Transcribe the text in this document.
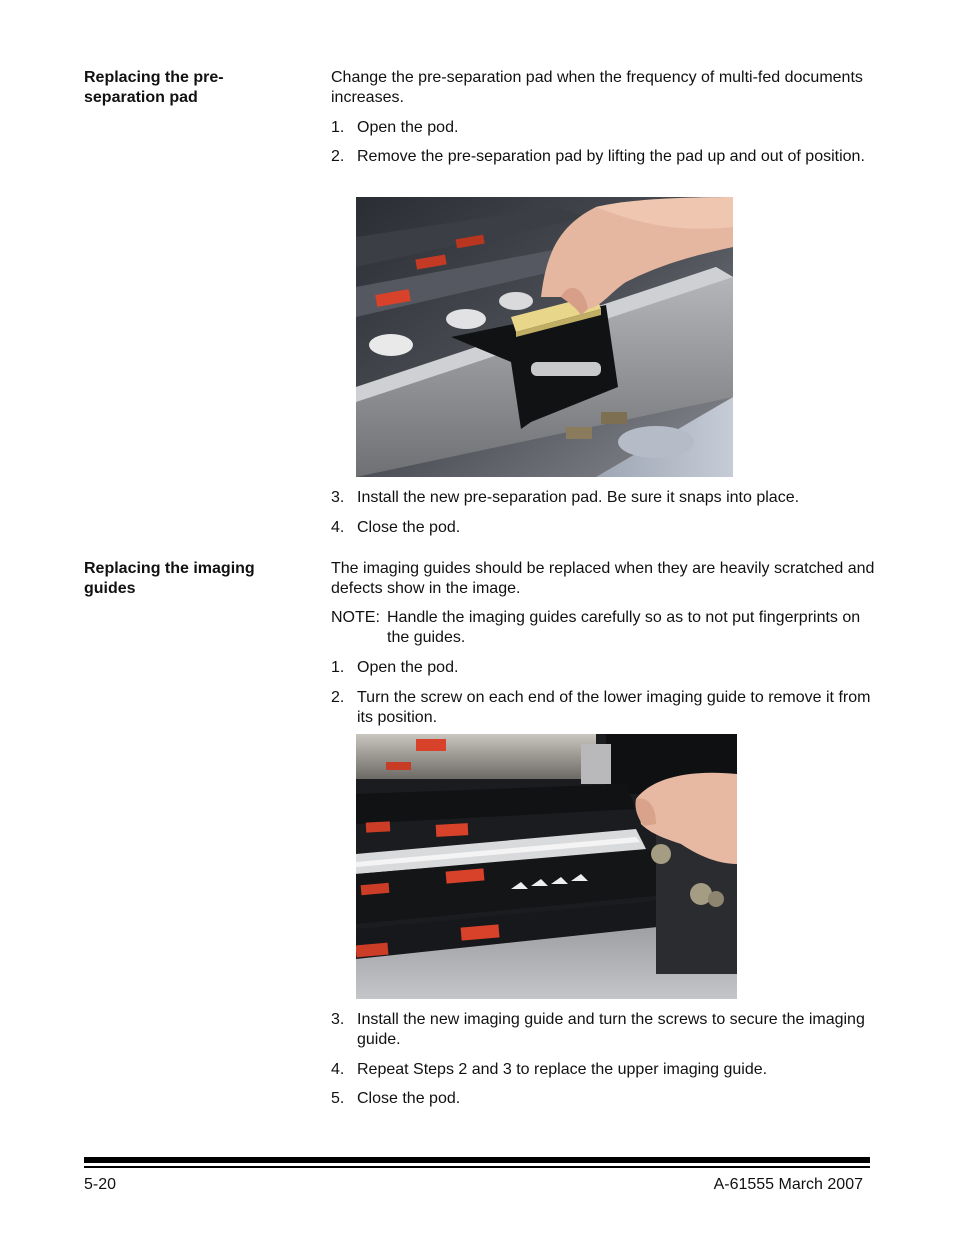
Replacing the pre-
separation pad

Change the pre-separation pad when the frequency of multi-fed documents increases.

1. Open the pod.
2. Remove the pre-separation pad by lifting the pad up and out of position.
3. Install the new pre-separation pad. Be sure it snaps into place.
4. Close the pod.
Replacing the imaging
guides

The imaging guides should be replaced when they are heavily scratched and defects show in the image.

NOTE: Handle the imaging guides carefully so as to not put fingerprints on the guides.
1. Open the pod.
2. Turn the screw on each end of the lower imaging guide to remove it from its position.
3. Install the new imaging guide and turn the screws to secure the imaging guide.
4. Repeat Steps 2 and 3 to replace the upper imaging guide.
5. Close the pod.
5-20	A-61555 March 2007
